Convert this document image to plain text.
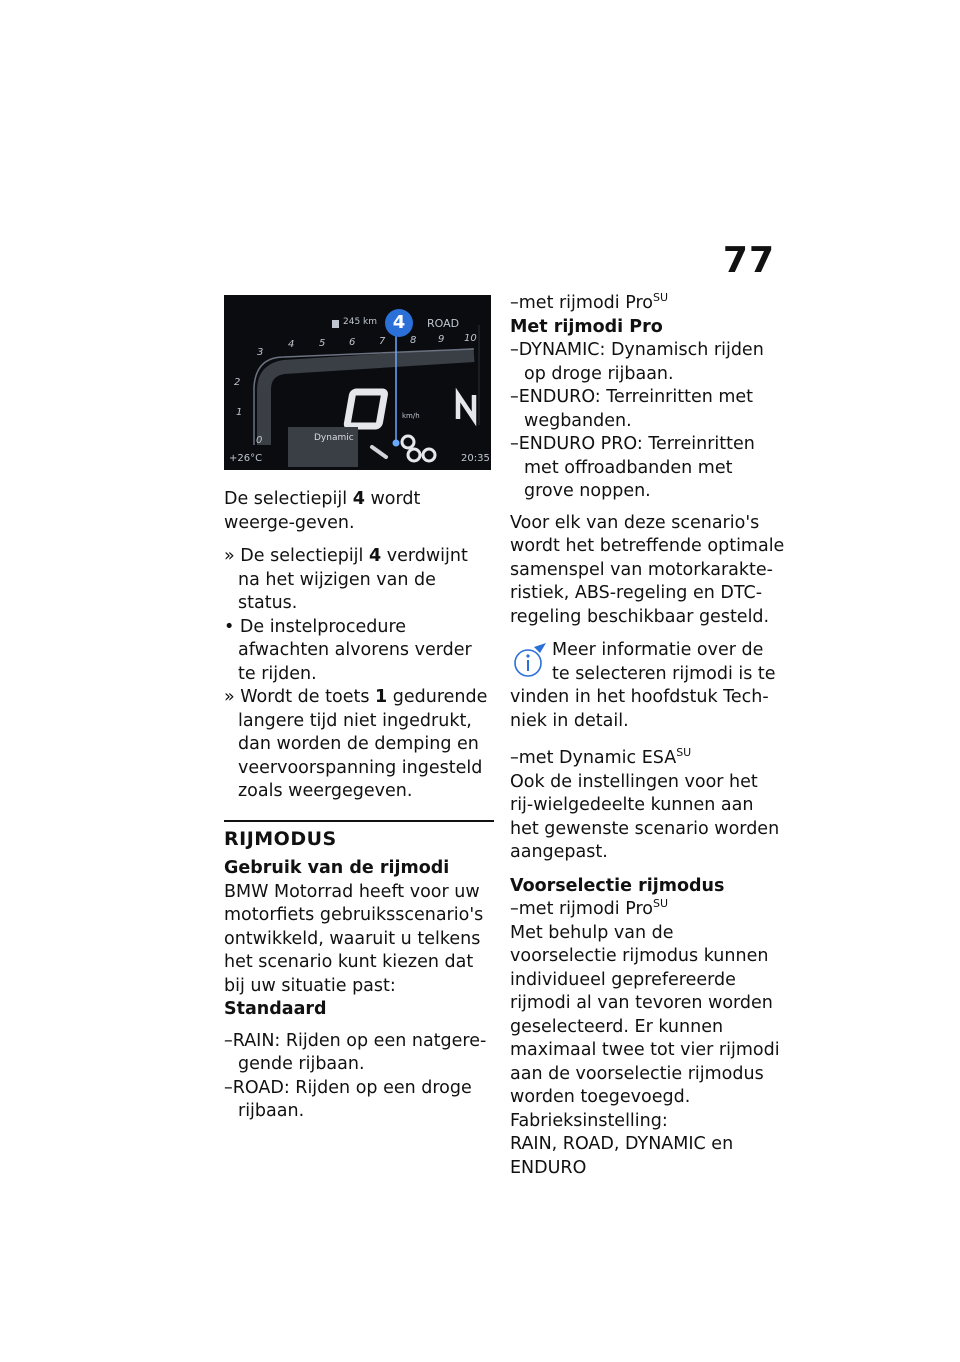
77
245 km 4	ROAD
4 5 6 7 8 9 10
3
2
1
0
km/h
+26°C	20:35
Dynamic

De selectiepijl 4 wordt weerge-geven.

» De selectiepijl 4 verdwijnt na het wijzigen van de status.
• De instelprocedure afwachten alvorens verder te rijden.
» Wordt de toets 1 gedurende langere tijd niet ingedrukt, dan worden de demping en veervoorspanning ingesteld zoals weergegeven.
RIJMODUS
Gebruik van de rijmodi

BMW Motorrad heeft voor uw motorfiets gebruiksscenario's ontwikkeld, waaruit u telkens het scenario kunt kiezen dat bij uw situatie past:

Standaard
–RAIN: Rijden op een natgere-gende rijbaan.
–ROAD: Rijden op een droge rijbaan.
–met rijmodi Pro$^{SU}$
Met rijmodi Pro
–DYNAMIC: Dynamisch rijden op droge rijbaan.
–ENDURO: Terreinritten met wegbanden.
–ENDURO PRO: Terreinritten met offroadbanden met grove noppen.

Voor elk van deze scenario's wordt het betreffende optimale samenspel van motorkarakte-ristiek, ABS-regeling en DTC-regeling beschikbaar gesteld.

Meer informatie over de te selecteren rijmodi is te
vinden in het hoofdstuk Tech-niek in detail.
–met Dynamic $ESA^{SU}$

Ook de instellingen voor het rij-wielgedeelte kunnen aan het gewenste scenario worden aangepast.

Voorselectie rijmodus
–met rijmodi Pro$^{SU}$

Met behulp van de voorselectie rijmodus kunnen individueel geprefereerde rijmodi al van tevoren worden geselecteerd. Er kunnen maximaal twee tot vier rijmodi aan de voorselectie rijmodus worden toegevoegd.

Fabrieksinstelling:
RAIN, ROAD, DYNAMIC en ENDURO
